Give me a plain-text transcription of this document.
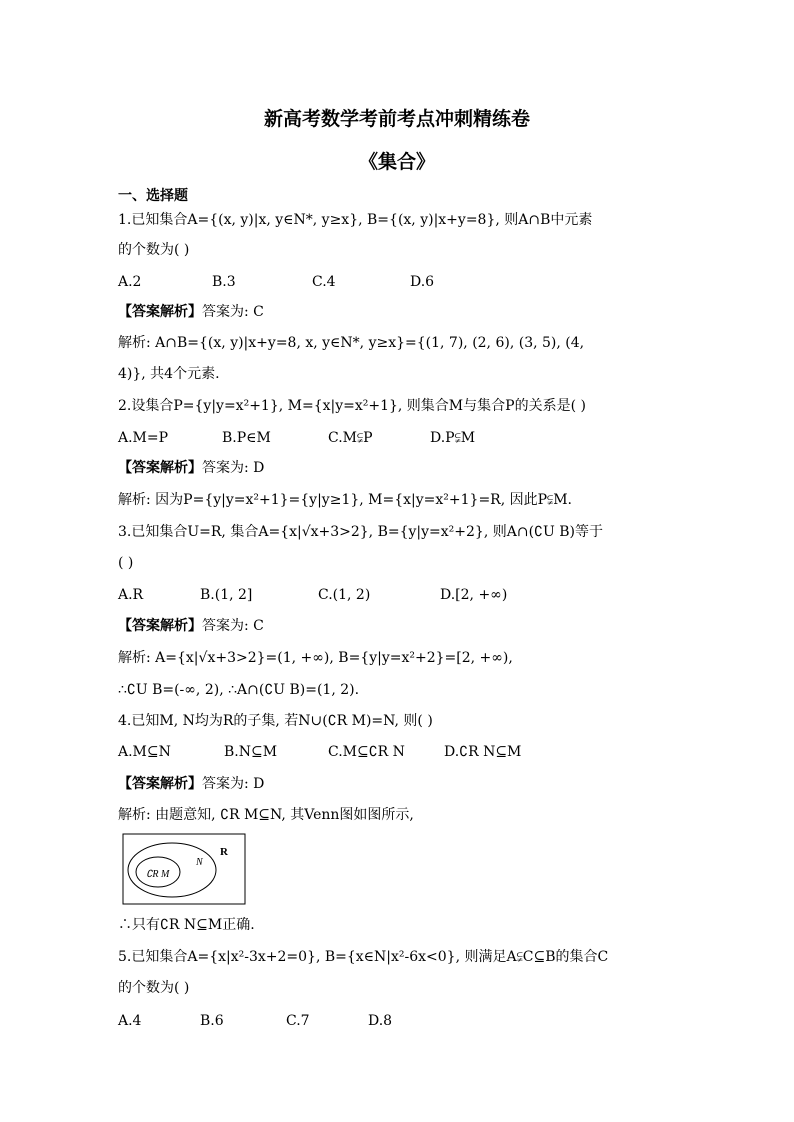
新高考数学考前考点冲刺精练卷
《集合》
一、选择题
1.已知集合A={(x, y)|x, y∈N*, y≥x}, B={(x, y)|x+y=8}, 则A∩B中元素
的个数为( )
A.2	B.3	C.4	D.6
【答案解析】答案为: C
解析: A∩B={(x, y)|x+y=8, x, y∈N*, y≥x}={(1, 7), (2, 6), (3, 5), (4,
4)}, 共4个元素.
2.设集合P={y|y=x²+1}, M={x|y=x²+1}, 则集合M与集合P的关系是( )
A.M=P	B.P∈M	C.M⫋P	D.P⫋M
【答案解析】答案为: D
解析: 因为P={y|y=x²+1}={y|y≥1}, M={x|y=x²+1}=R, 因此P⫋M.
3.已知集合U=R, 集合A={x|√x+3>2}, B={y|y=x²+2}, 则A∩(∁U B)等于
( )
A.R	B.(1, 2]	C.(1, 2)	D.[2, +∞)
【答案解析】答案为: C
解析: A={x|√x+3>2}=(1, +∞), B={y|y=x²+2}=[2, +∞),
∴∁U B=(-∞, 2), ∴A∩(∁U B)=(1, 2).
4.已知M, N均为R的子集, 若N∪(∁R M)=N, 则( )
A.M⊆N	B.N⊆M	C.M⊆∁R N	D.∁R N⊆M
【答案解析】答案为: D
解析: 由题意知, ∁R M⊆N, 其Venn图如图所示,
R
N
∁R M
∴只有∁R N⊆M正确.
5.已知集合A={x|x²-3x+2=0}, B={x∈N|x²-6x<0}, 则满足A⫋C⊆B的集合C
的个数为( )
A.4	B.6	C.7	D.8
